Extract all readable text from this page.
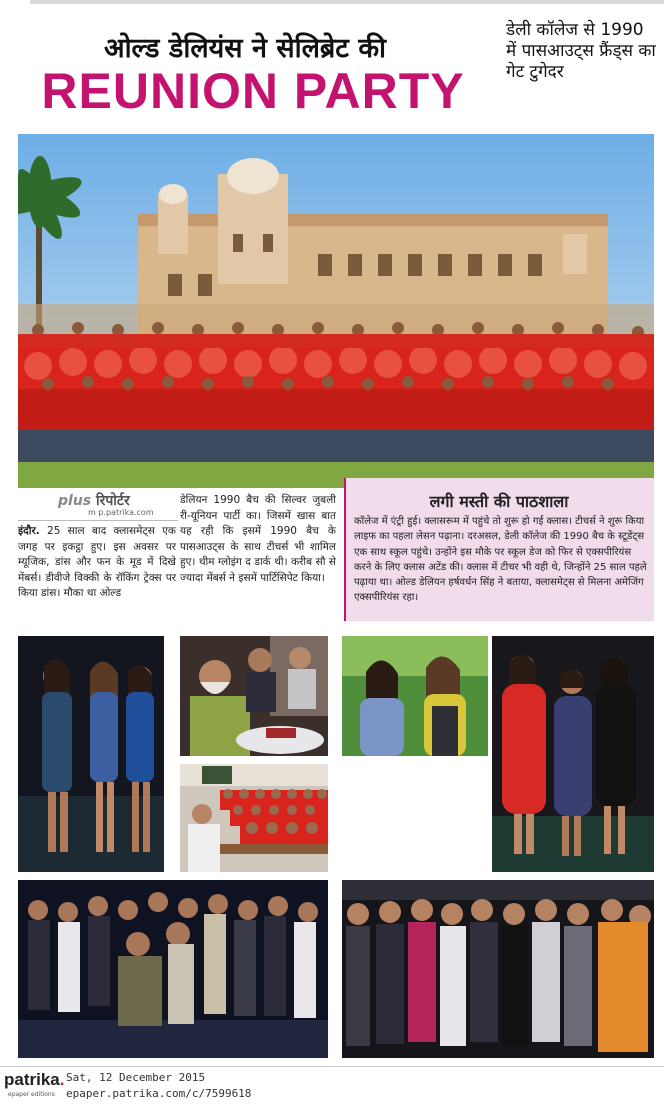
ओल्ड डेलियंस ने सेलिब्रेट की
REUNION PARTY
डेली कॉलेज से 1990 में पासआउट्स फ्रैंड्स का गेट टुगेदर
plus रिपोर्टर
m p.patrika.com
इंदौर. 25 साल बाद क्लासमेट्स एक जगह पर इकट्ठा हुए। इस अवसर पर म्यूजिक, डांस और फन के मूड में दिखे मेंबर्स। डीवीजे विक्की के रॉकिंग ट्रेक्स पर किया डांस। मौका था ओल्ड
डेलियन 1990 बैच की सिल्वर जुबली री-यूनियन पार्टी का। जिसमें खास बात यह रही कि इसमें 1990 बैच के पासआउट्स के साथ टीचर्स भी शामिल हुए। थीम ग्लोइंग द डार्क थी। करीब सौ से ज्यादा मेंबर्स ने इसमें पार्टिसिपेट किया।
लगी मस्ती की पाठशाला
कॉलेज में एंट्री हुई। क्लासरूम में पहुंचे तो शुरू हो गई क्लास। टीचर्स ने शुरू किया लाइफ का पहला लेसन पढ़ाना। दरअसल, डेली कॉलेज की 1990 बैच के स्टूडेंट्स एक साथ स्कूल पहुंचे। उन्होंने इस मौके पर स्कूल डेज को फिर से एक्सपीरियंस करने के लिए क्लास अटेंड की। क्लास में टीचर भी वही थे, जिन्होंने 25 साल पहले पढ़ाया था। ओल्ड डेलियन हर्षवर्धन सिंह ने बताया, क्लासमेट्स से मिलना अमेजिंग एक्सपीरियंस रहा।
patrika.
epaper editions
Sat, 12 December 2015
epaper.patrika.com/c/7599618
